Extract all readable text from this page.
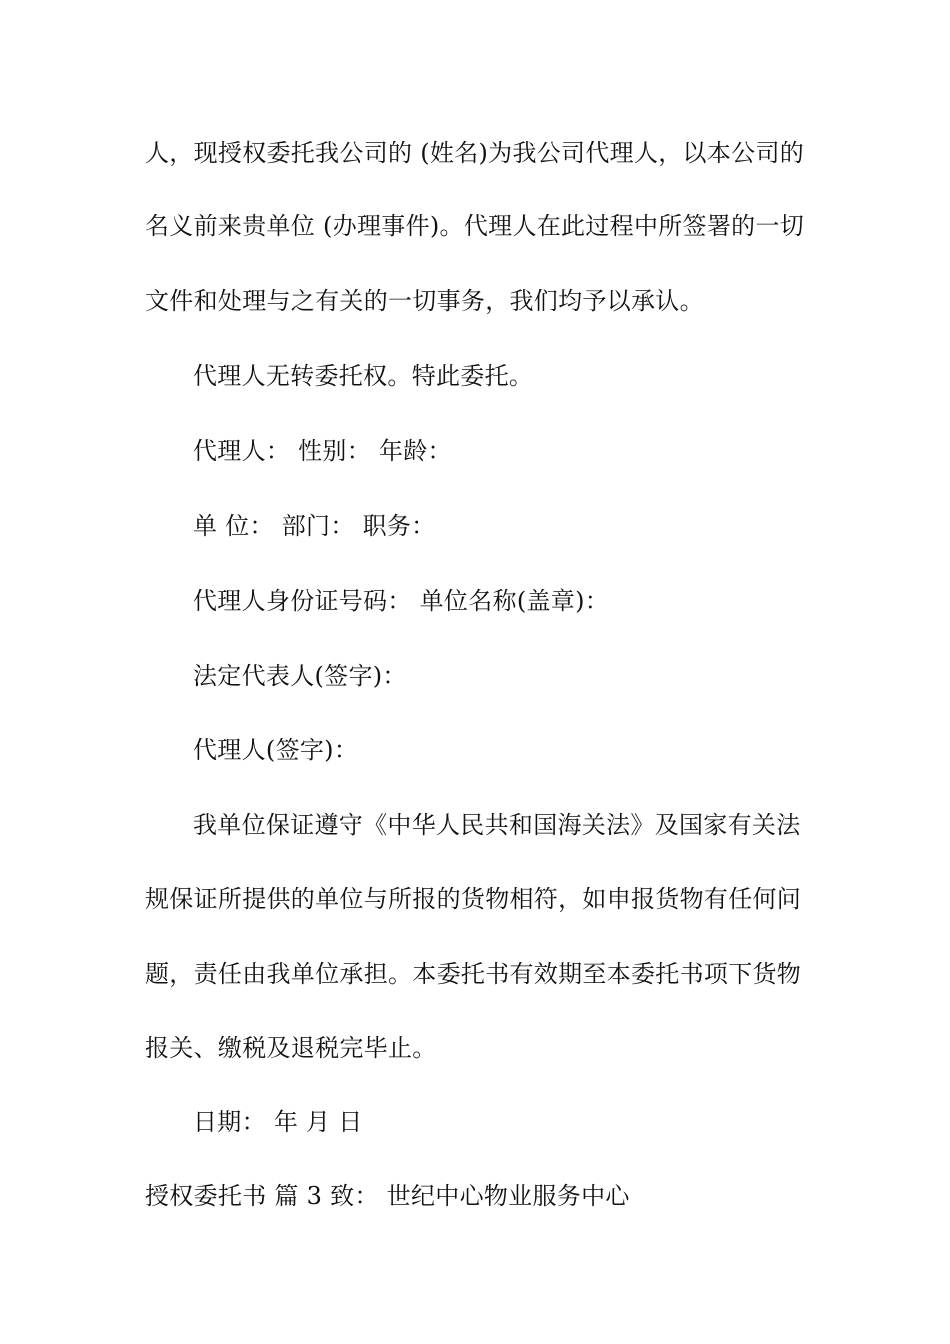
人，现授权委托我公司的 (姓名)为我公司代理人，以本公司的
名义前来贵单位 (办理事件)。代理人在此过程中所签署的一切
文件和处理与之有关的一切事务，我们均予以承认。
代理人无转委托权。特此委托。
代理人： 性别： 年龄：
单 位： 部门： 职务：
代理人身份证号码： 单位名称(盖章)：
法定代表人(签字)：
代理人(签字)：
我单位保证遵守《中华人民共和国海关法》及国家有关法
规保证所提供的单位与所报的货物相符，如申报货物有任何问
题，责任由我单位承担。本委托书有效期至本委托书项下货物
报关、缴税及退税完毕止。
日期： 年 月 日
授权委托书 篇 3 致： 世纪中心物业服务中心
